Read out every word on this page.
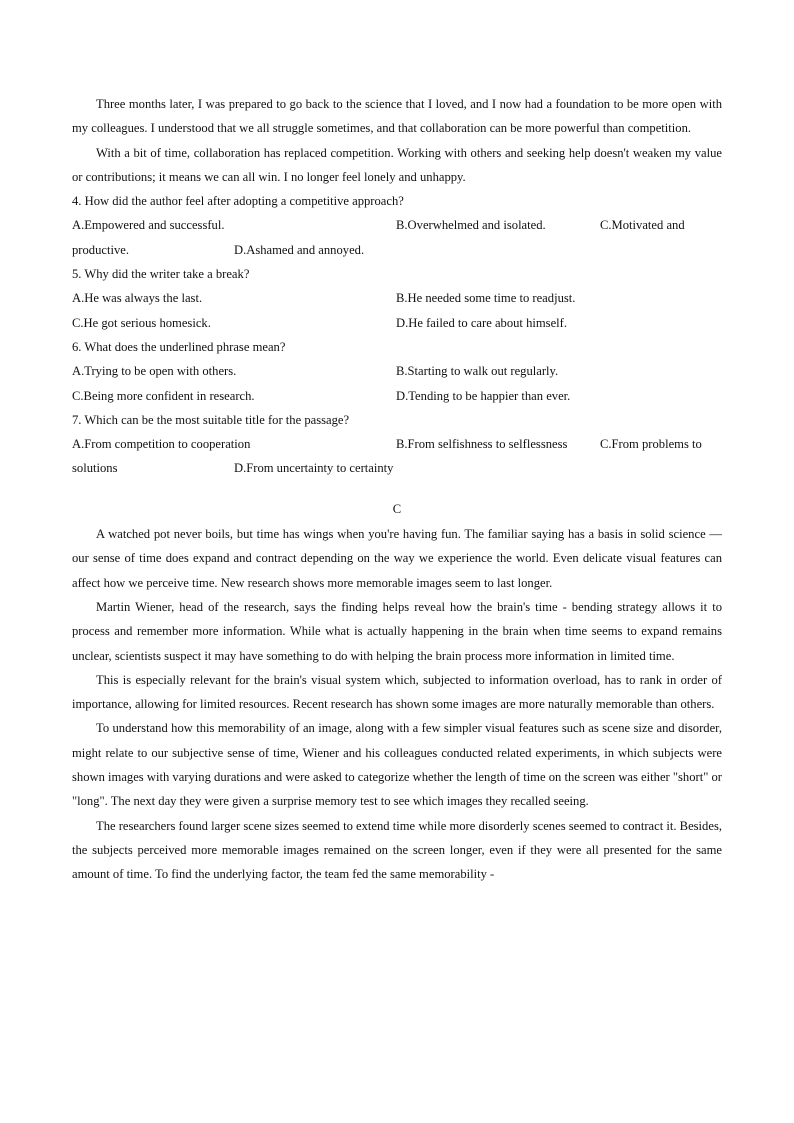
Three months later, I was prepared to go back to the science that I loved, and I now had a foundation to be more open with my colleagues. I understood that we all struggle sometimes, and that collaboration can be more powerful than competition.

With a bit of time, collaboration has replaced competition. Working with others and seeking help doesn't weaken my value or contributions; it means we can all win. I no longer feel lonely and unhappy.

4. How did the author feel after adopting a competitive approach?

A.Empowered and successful.	B.Overwhelmed and isolated.	C.Motivated and
productive.	D.Ashamed and annoyed.

5. Why did the writer take a break?

A.He was always the last.	B.He needed some time to readjust.
C.He got serious homesick.	D.He failed to care about himself.

6. What does the underlined phrase mean?

A.Trying to be open with others.	B.Starting to walk out regularly.
C.Being more confident in research.	D.Tending to be happier than ever.

7. Which can be the most suitable title for the passage?

A.From competition to cooperation	B.From selfishness to selflessness	C.From problems to
solutions	D.From uncertainty to certainty
C

A watched pot never boils, but time has wings when you're having fun. The familiar saying has a basis in solid science — our sense of time does expand and contract depending on the way we experience the world. Even delicate visual features can affect how we perceive time. New research shows more memorable images seem to last longer.

Martin Wiener, head of the research, says the finding helps reveal how the brain's time - bending strategy allows it to process and remember more information. While what is actually happening in the brain when time seems to expand remains unclear, scientists suspect it may have something to do with helping the brain process more information in limited time.

This is especially relevant for the brain's visual system which, subjected to information overload, has to rank in order of importance, allowing for limited resources. Recent research has shown some images are more naturally memorable than others.

To understand how this memorability of an image, along with a few simpler visual features such as scene size and disorder, might relate to our subjective sense of time, Wiener and his colleagues conducted related experiments, in which subjects were shown images with varying durations and were asked to categorize whether the length of time on the screen was either "short" or "long". The next day they were given a surprise memory test to see which images they recalled seeing.

The researchers found larger scene sizes seemed to extend time while more disorderly scenes seemed to contract it. Besides, the subjects perceived more memorable images remained on the screen longer, even if they were all presented for the same amount of time. To find the underlying factor, the team fed the same memorability -
